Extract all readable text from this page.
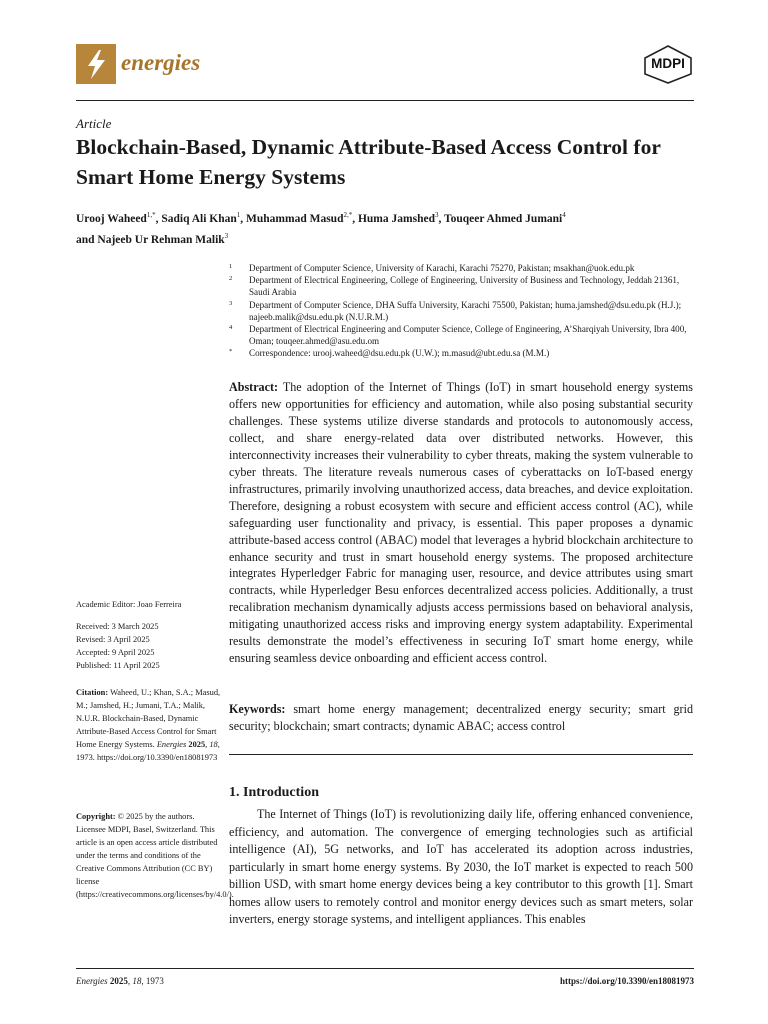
energies	MDPI
Article
Blockchain-Based, Dynamic Attribute-Based Access Control for Smart Home Energy Systems
Urooj Waheed$^{1,*}$, Sadiq Ali Khan$^1$, Muhammad Masud$^{2,*}$, Huma Jamshed$^3$, Touqeer Ahmed Jumani$^4$
and Najeeb Ur Rehman Malik$^3$

1 Department of Computer Science, University of Karachi, Karachi 75270, Pakistan; msakhan@uok.edu.pk

2 Department of Electrical Engineering, College of Engineering, University of Business and Technology, Jeddah 21361, Saudi Arabia

3 Department of Computer Science, DHA Suffa University, Karachi 75500, Pakistan; huma.jamshed@dsu.edu.pk (H.J.); najeeb.malik@dsu.edu.pk (N.U.R.M.)

4 Department of Electrical Engineering and Computer Science, College of Engineering, A’Sharqiyah University, Ibra 400, Oman; touqeer.ahmed@asu.edu.om

* Correspondence: urooj.waheed@dsu.edu.pk (U.W.); m.masud@ubt.edu.sa (M.M.)

Abstract: The adoption of the Internet of Things (IoT) in smart household energy systems offers new opportunities for efficiency and automation, while also posing substantial security challenges. These systems utilize diverse standards and protocols to autonomously access, collect, and share energy-related data over distributed networks. However, this interconnectivity increases their vulnerability to cyber threats, making the system vulnerable to cyber threats. The literature reveals numerous cases of cyberattacks on IoT-based energy infrastructures, primarily involving unauthorized access, data breaches, and device exploitation. Therefore, designing a robust ecosystem with secure and efficient access control (AC), while safeguarding user functionality and privacy, is essential. This paper proposes a dynamic attribute-based access control (ABAC) model that leverages a hybrid blockchain architecture to enhance security and trust in smart household energy systems. The proposed architecture integrates Hyperledger Fabric for managing user, resource, and device attributes using smart contracts, while Hyperledger Besu enforces decentralized access policies. Additionally, a trust recalibration mechanism dynamically adjusts access permissions based on behavioral analysis, mitigating unauthorized access risks and improving energy system adaptability. Experimental results demonstrate the model’s effectiveness in securing IoT smart home energy, while ensuring seamless device onboarding and efficient access control.
Keywords: smart home energy management; decentralized energy security; smart grid security; blockchain; smart contracts; dynamic ABAC; access control
1. Introduction
The Internet of Things (IoT) is revolutionizing daily life, offering enhanced convenience, efficiency, and automation. The convergence of emerging technologies such as artificial intelligence (AI), 5G networks, and IoT has accelerated its adoption across industries, particularly in smart home energy systems. By 2030, the IoT market is expected to reach 500 billion USD, with smart home energy devices being a key contributor to this growth [1]. Smart homes allow users to remotely control and monitor energy devices such as smart meters, solar inverters, energy storage systems, and intelligent appliances. This enables
Academic Editor: Joao Ferreira

Received: 3 March 2025

Revised: 3 April 2025

Accepted: 9 April 2025

Published: 11 April 2025

Citation: Waheed, U.; Khan, S.A.; Masud, M.; Jamshed, H.; Jumani, T.A.; Malik, N.U.R. Blockchain-Based, Dynamic Attribute-Based Access Control for Smart Home Energy Systems. Energies 2025, 18, 1973. https://doi.org/10.3390/en18081973
Copyright: © 2025 by the authors. Licensee MDPI, Basel, Switzerland. This article is an open access article distributed under the terms and conditions of the Creative Commons Attribution (CC BY) license (https://creativecommons.org/licenses/by/4.0/).
Energies 2025, 18, 1973	https://doi.org/10.3390/en18081973
